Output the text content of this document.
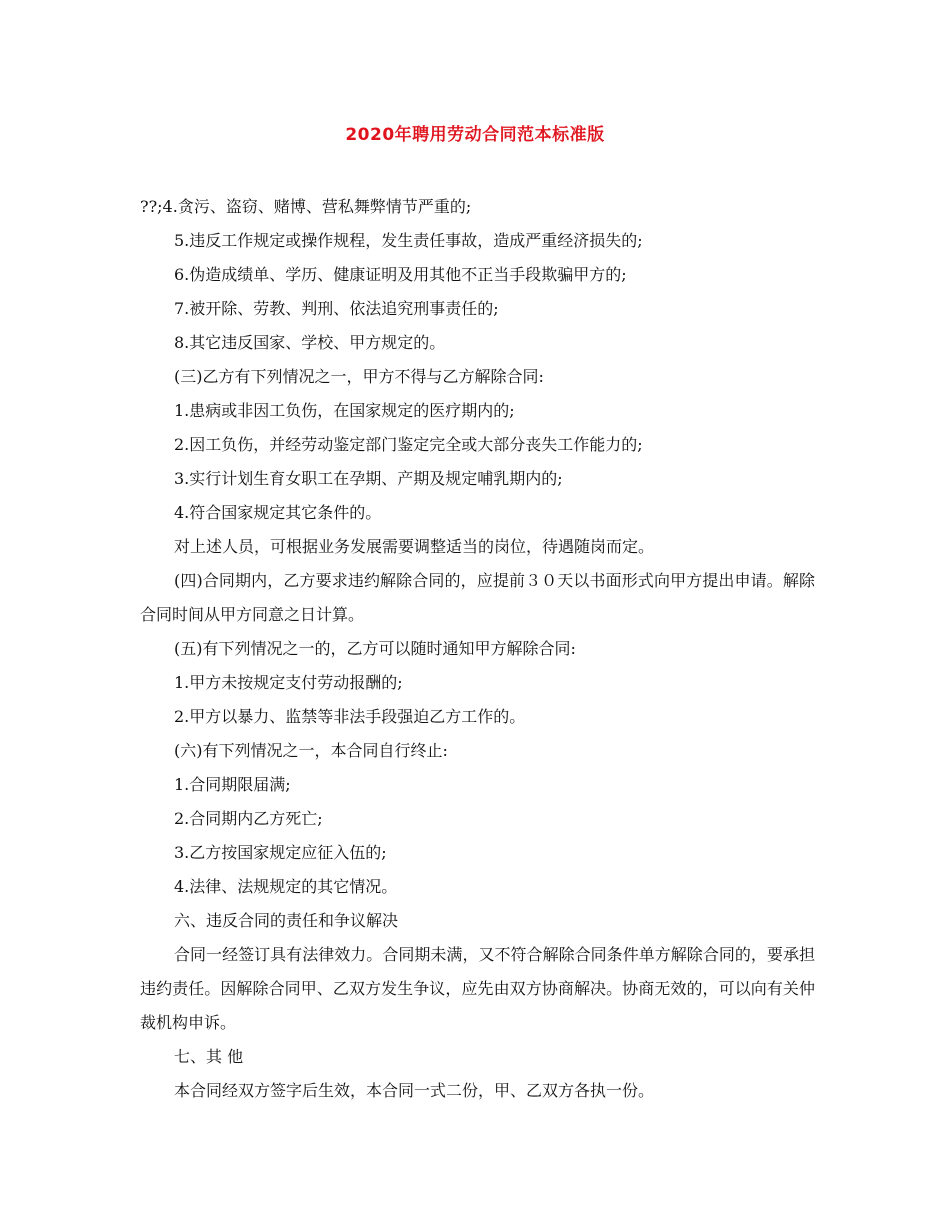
2020年聘用劳动合同范本标准版

??;4.贪污、盗窃、赌博、营私舞弊情节严重的;

5.违反工作规定或操作规程，发生责任事故，造成严重经济损失的;

6.伪造成绩单、学历、健康证明及用其他不正当手段欺骗甲方的;

7.被开除、劳教、判刑、依法追究刑事责任的;

8.其它违反国家、学校、甲方规定的。

(三)乙方有下列情况之一，甲方不得与乙方解除合同:

1.患病或非因工负伤，在国家规定的医疗期内的;

2.因工负伤，并经劳动鉴定部门鉴定完全或大部分丧失工作能力的;

3.实行计划生育女职工在孕期、产期及规定哺乳期内的;

4.符合国家规定其它条件的。

对上述人员，可根据业务发展需要调整适当的岗位，待遇随岗而定。

(四)合同期内，乙方要求违约解除合同的，应提前３０天以书面形式向甲方提出申请。解除合同时间从甲方同意之日计算。

(五)有下列情况之一的，乙方可以随时通知甲方解除合同:

1.甲方未按规定支付劳动报酬的;

2.甲方以暴力、监禁等非法手段强迫乙方工作的。

(六)有下列情况之一，本合同自行终止:

1.合同期限届满;

2.合同期内乙方死亡;

3.乙方按国家规定应征入伍的;

4.法律、法规规定的其它情况。

六、违反合同的责任和争议解决

合同一经签订具有法律效力。合同期未满，又不符合解除合同条件单方解除合同的，要承担违约责任。因解除合同甲、乙双方发生争议，应先由双方协商解决。协商无效的，可以向有关仲裁机构申诉。

七、其 他

本合同经双方签字后生效，本合同一式二份，甲、乙双方各执一份。
